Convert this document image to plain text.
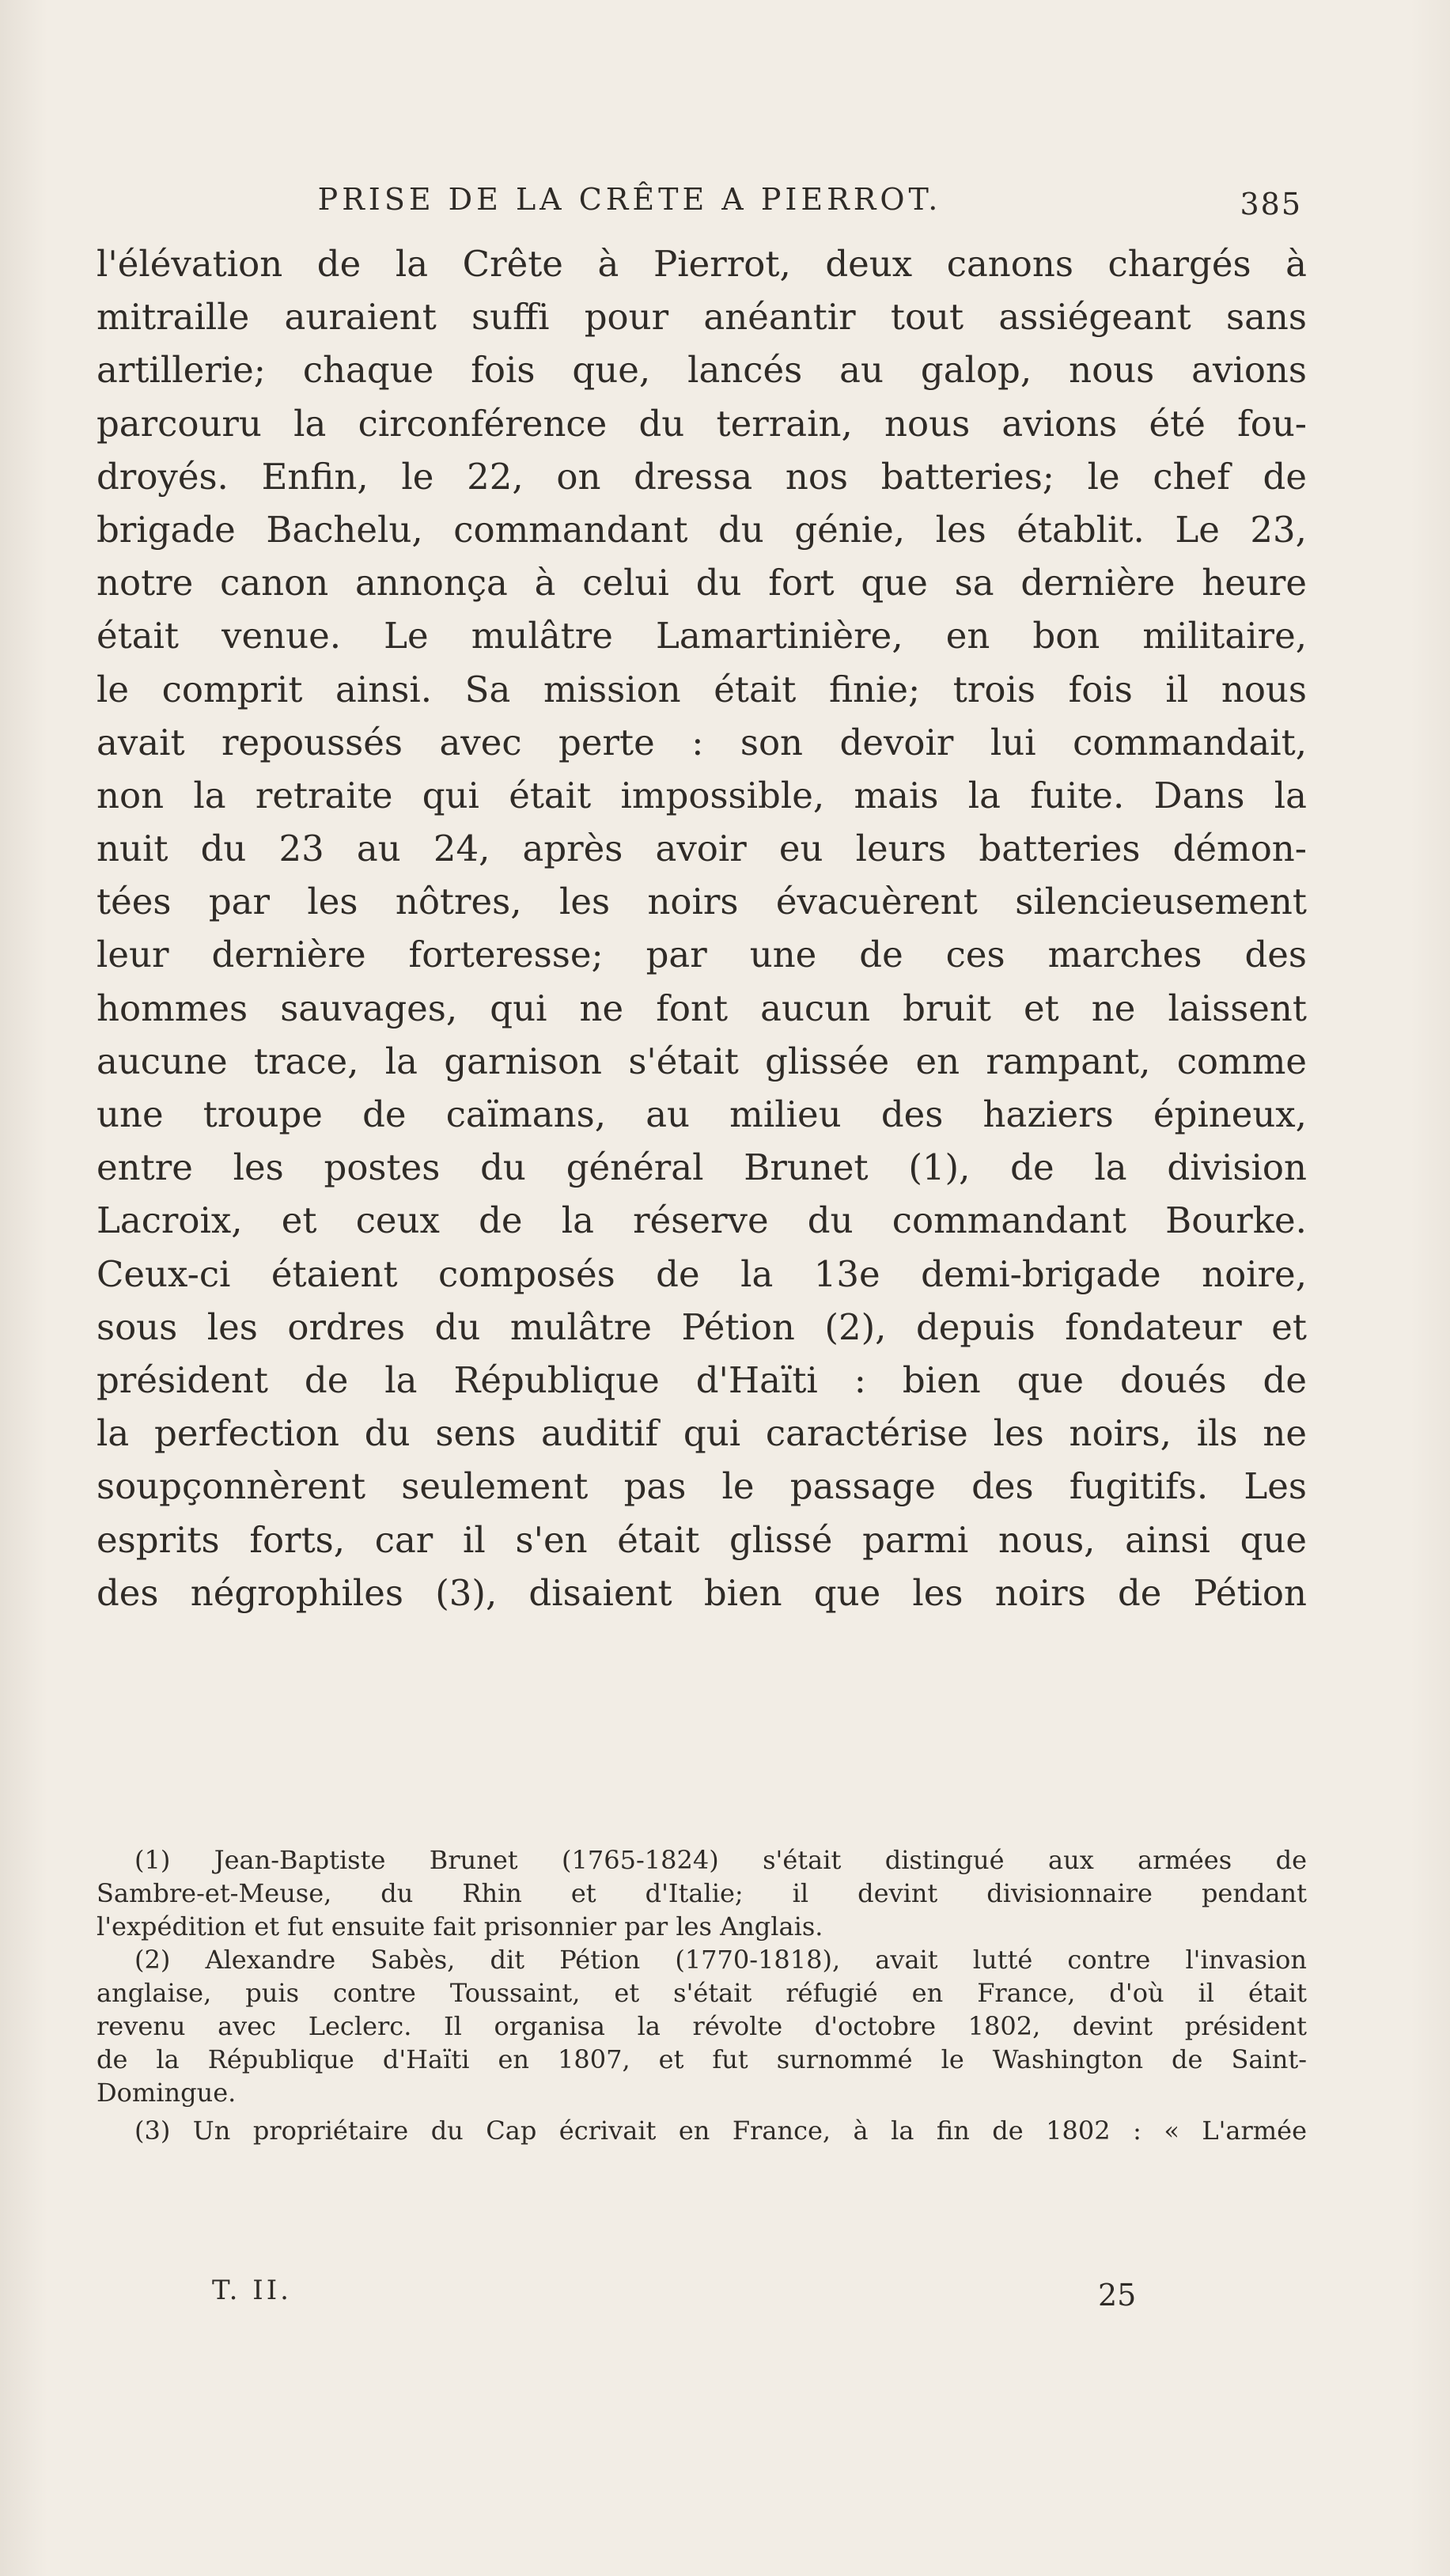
PRISE DE LA CRÊTE A PIERROT.	385
l'élévation de la Crête à Pierrot, deux canons chargés à
mitraille auraient suffi pour anéantir tout assiégeant sans
artillerie; chaque fois que, lancés au galop, nous avions
parcouru la circonférence du terrain, nous avions été fou-
droyés. Enfin, le 22, on dressa nos batteries; le chef de
brigade Bachelu, commandant du génie, les établit. Le 23,
notre canon annonça à celui du fort que sa dernière heure
était venue. Le mulâtre Lamartinière, en bon militaire,
le comprit ainsi. Sa mission était finie; trois fois il nous
avait repoussés avec perte : son devoir lui commandait,
non la retraite qui était impossible, mais la fuite. Dans la
nuit du 23 au 24, après avoir eu leurs batteries démon-
tées par les nôtres, les noirs évacuèrent silencieusement
leur dernière forteresse; par une de ces marches des
hommes sauvages, qui ne font aucun bruit et ne laissent
aucune trace, la garnison s'était glissée en rampant, comme
une troupe de caïmans, au milieu des haziers épineux,
entre les postes du général Brunet (1), de la division
Lacroix, et ceux de la réserve du commandant Bourke.
Ceux-ci étaient composés de la 13e demi-brigade noire,
sous les ordres du mulâtre Pétion (2), depuis fondateur et
président de la République d'Haïti : bien que doués de
la perfection du sens auditif qui caractérise les noirs, ils ne
soupçonnèrent seulement pas le passage des fugitifs. Les
esprits forts, car il s'en était glissé parmi nous, ainsi que
des négrophiles (3), disaient bien que les noirs de Pétion
(1) Jean-Baptiste Brunet (1765-1824) s'était distingué aux armées de
Sambre-et-Meuse, du Rhin et d'Italie; il devint divisionnaire pendant
l'expédition et fut ensuite fait prisonnier par les Anglais.
(2) Alexandre Sabès, dit Pétion (1770-1818), avait lutté contre l'invasion
anglaise, puis contre Toussaint, et s'était réfugié en France, d'où il était
revenu avec Leclerc. Il organisa la révolte d'octobre 1802, devint président
de la République d'Haïti en 1807, et fut surnommé le Washington de Saint-
Domingue.
(3) Un propriétaire du Cap écrivait en France, à la fin de 1802 : « L'armée
T. II.	25
